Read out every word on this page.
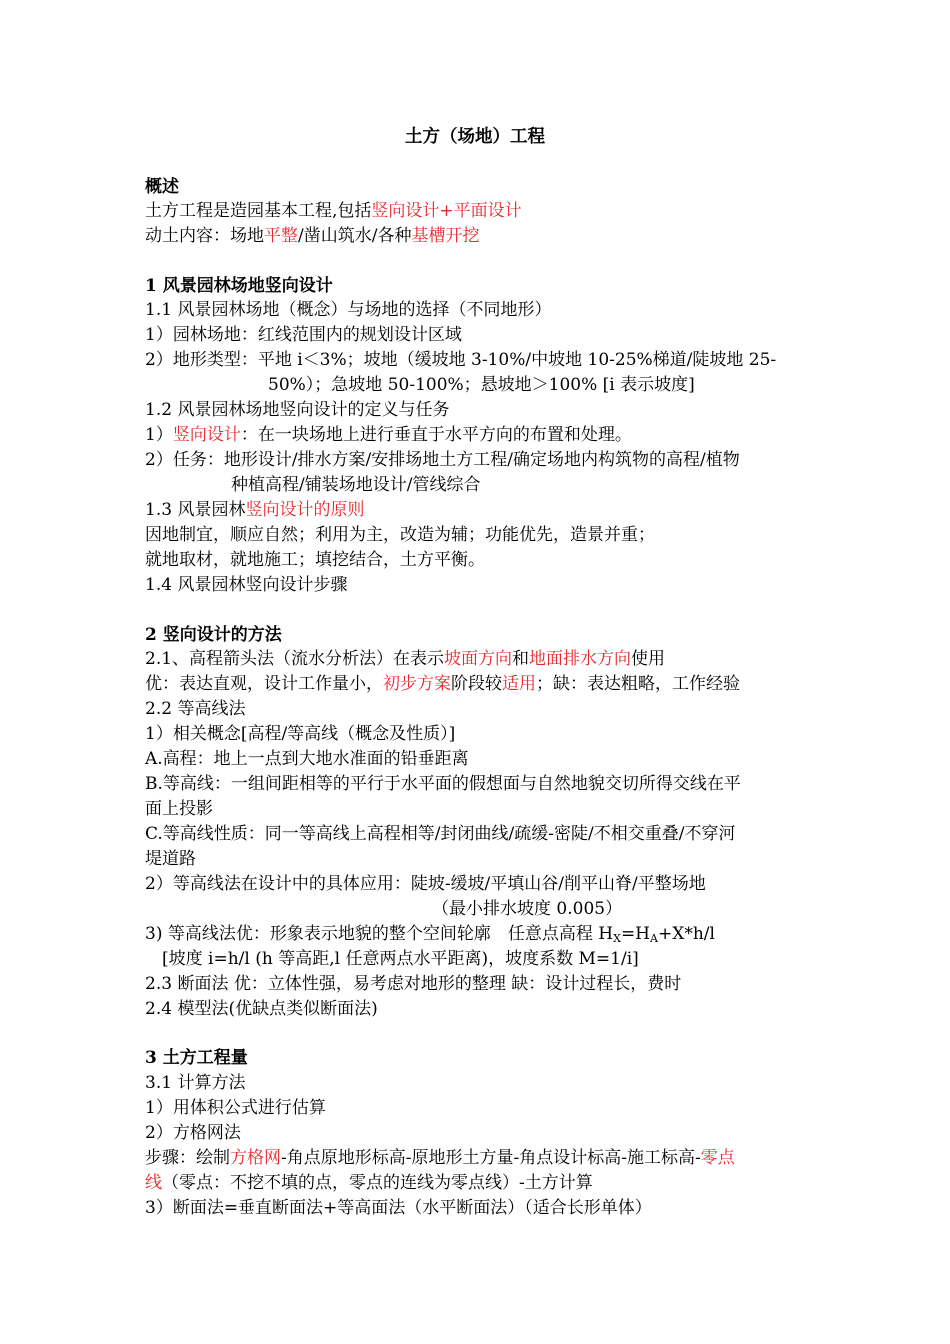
土方（场地）工程
概述
土方工程是造园基本工程,包括竖向设计+平面设计
动土内容：场地平整/凿山筑水/各种基槽开挖
1 风景园林场地竖向设计
1.1 风景园林场地（概念）与场地的选择（不同地形）
1）园林场地：红线范围内的规划设计区域
2）地形类型：平地 i＜3%；坡地（缓坡地 3-10%/中坡地 10-25%梯道/陡坡地 25-
50%）；急坡地 50-100%；悬坡地＞100% [i 表示坡度]
1.2 风景园林场地竖向设计的定义与任务
1）竖向设计：在一块场地上进行垂直于水平方向的布置和处理。
2）任务：地形设计/排水方案/安排场地土方工程/确定场地内构筑物的高程/植物
种植高程/铺装场地设计/管线综合
1.3 风景园林竖向设计的原则
因地制宜，顺应自然；利用为主，改造为辅；功能优先，造景并重；
就地取材，就地施工；填挖结合，土方平衡。
1.4 风景园林竖向设计步骤
2 竖向设计的方法
2.1、高程箭头法（流水分析法）在表示坡面方向和地面排水方向使用
优：表达直观，设计工作量小，初步方案阶段较适用；缺：表达粗略，工作经验
2.2 等高线法
1）相关概念[高程/等高线（概念及性质）]
A.高程：地上一点到大地水准面的铅垂距离
B.等高线：一组间距相等的平行于水平面的假想面与自然地貌交切所得交线在平
面上投影
C.等高线性质：同一等高线上高程相等/封闭曲线/疏缓-密陡/不相交重叠/不穿河
堤道路
2）等高线法在设计中的具体应用：陡坡-缓坡/平填山谷/削平山脊/平整场地
（最小排水坡度 0.005）
3) 等高线法优：形象表示地貌的整个空间轮廓　任意点高程 $H_X=H_A+X*h/l$
[坡度 i=h/l (h 等高距,l 任意两点水平距离)，坡度系数 M=1/i]
2.3 断面法 优：立体性强，易考虑对地形的整理 缺：设计过程长，费时
2.4 模型法(优缺点类似断面法)
3 土方工程量
3.1 计算方法
1）用体积公式进行估算
2）方格网法
步骤：绘制方格网-角点原地形标高-原地形土方量-角点设计标高-施工标高-零点
线（零点：不挖不填的点，零点的连线为零点线）-土方计算
3）断面法=垂直断面法+等高面法（水平断面法）（适合长形单体）
